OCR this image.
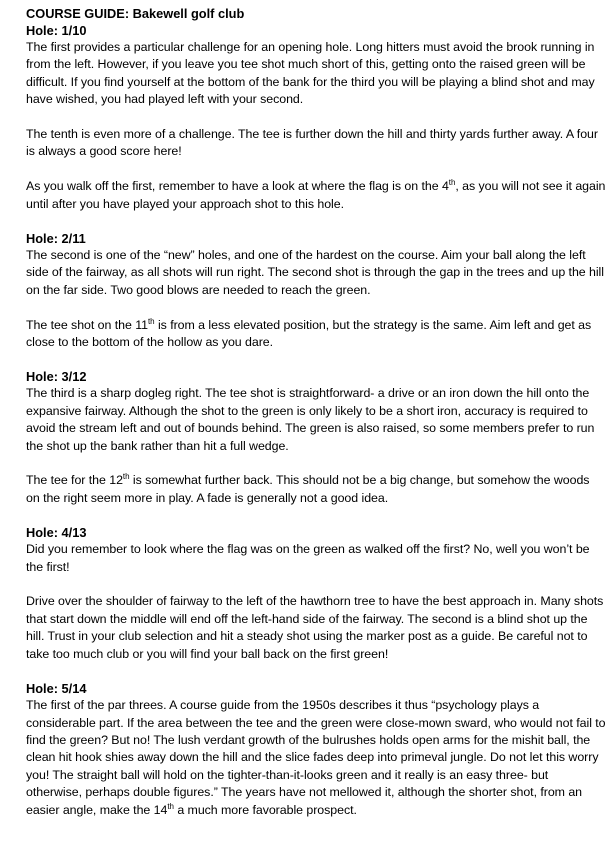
COURSE GUIDE: Bakewell golf club
Hole: 1/10
The first provides a particular challenge for an opening hole. Long hitters must avoid the brook running in from the left. However, if you leave you tee shot much short of this, getting onto the raised green will be difficult. If you find yourself at the bottom of the bank for the third you will be playing a blind shot and may have wished, you had played left with your second.
The tenth is even more of a challenge. The tee is further down the hill and thirty yards further away. A four is always a good score here!
As you walk off the first, remember to have a look at where the flag is on the 4th, as you will not see it again until after you have played your approach shot to this hole.
Hole: 2/11
The second is one of the “new” holes, and one of the hardest on the course. Aim your ball along the left side of the fairway, as all shots will run right. The second shot is through the gap in the trees and up the hill on the far side. Two good blows are needed to reach the green.
The tee shot on the 11th is from a less elevated position, but the strategy is the same. Aim left and get as close to the bottom of the hollow as you dare.
Hole: 3/12
The third is a sharp dogleg right. The tee shot is straightforward- a drive or an iron down the hill onto the expansive fairway. Although the shot to the green is only likely to be a short iron, accuracy is required to avoid the stream left and out of bounds behind. The green is also raised, so some members prefer to run the shot up the bank rather than hit a full wedge.
The tee for the 12th is somewhat further back. This should not be a big change, but somehow the woods on the right seem more in play. A fade is generally not a good idea.
Hole: 4/13
Did you remember to look where the flag was on the green as walked off the first? No, well you won’t be the first!
Drive over the shoulder of fairway to the left of the hawthorn tree to have the best approach in. Many shots that start down the middle will end off the left-hand side of the fairway. The second is a blind shot up the hill. Trust in your club selection and hit a steady shot using the marker post as a guide. Be careful not to take too much club or you will find your ball back on the first green!
Hole: 5/14
The first of the par threes. A course guide from the 1950s describes it thus “psychology plays a considerable part. If the area between the tee and the green were close-mown sward, who would not fail to find the green? But no! The lush verdant growth of the bulrushes holds open arms for the mishit ball, the clean hit hook shies away down the hill and the slice fades deep into primeval jungle. Do not let this worry you! The straight ball will hold on the tighter-than-it-looks green and it really is an easy three- but otherwise, perhaps double figures.” The years have not mellowed it, although the shorter shot, from an easier angle, make the 14th a much more favorable prospect.
